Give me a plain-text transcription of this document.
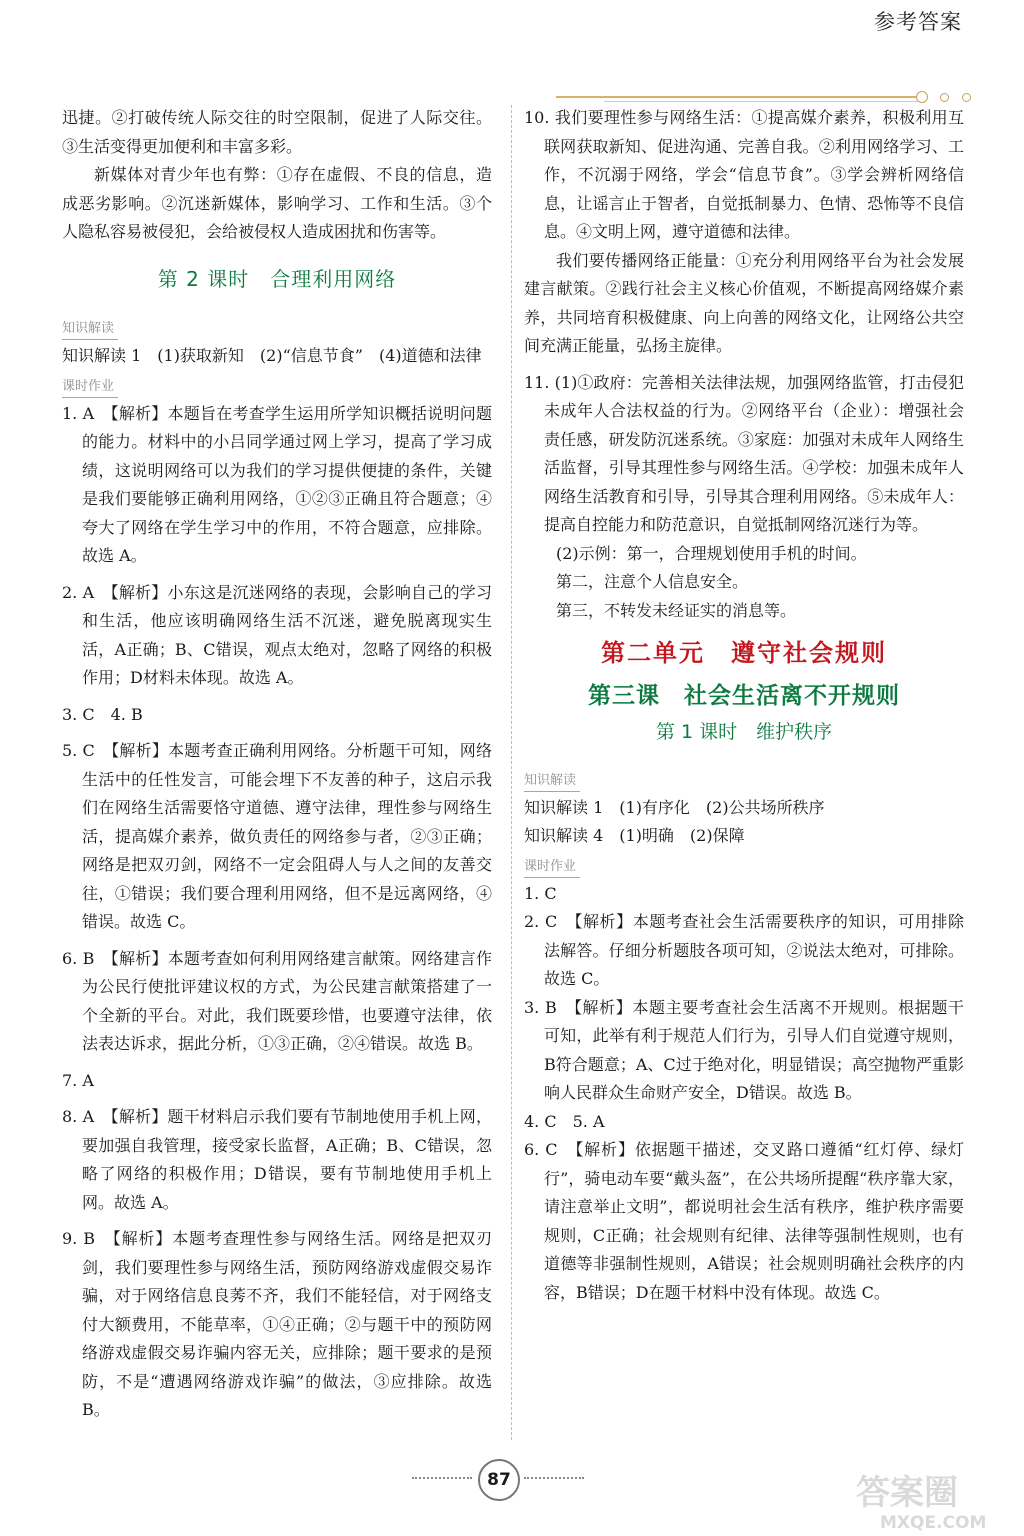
参考答案

迅捷。②打破传统人际交往的时空限制，促进了人际交往。③生活变得更加便利和丰富多彩。

新媒体对青少年也有弊：①存在虚假、不良的信息，造成恶劣影响。②沉迷新媒体，影响学习、工作和生活。③个人隐私容易被侵犯，会给被侵权人造成困扰和伤害等。

第 2 课时　合理利用网络
知识解读

知识解读 1　(1)获取新知　(2)“信息节食”　(4)道德和法律

课时作业

1. A　【解析】本题旨在考查学生运用所学知识概括说明问题的能力。材料中的小吕同学通过网上学习，提高了学习成绩，这说明网络可以为我们的学习提供便捷的条件，关键是我们要能够正确利用网络，①②③正确且符合题意；④夸大了网络在学生学习中的作用，不符合题意，应排除。故选 A。

2. A　【解析】小东这是沉迷网络的表现，会影响自己的学习和生活，他应该明确网络生活不沉迷，避免脱离现实生活，A正确；B、C错误，观点太绝对，忽略了网络的积极作用；D材料未体现。故选 A。

3. C　4. B

5. C　【解析】本题考查正确利用网络。分析题干可知，网络生活中的任性发言，可能会埋下不友善的种子，这启示我们在网络生活需要恪守道德、遵守法律，理性参与网络生活，提高媒介素养，做负责任的网络参与者，②③正确；网络是把双刃剑，网络不一定会阻碍人与人之间的友善交往，①错误；我们要合理利用网络，但不是远离网络，④错误。故选 C。

6. B　【解析】本题考查如何利用网络建言献策。网络建言作为公民行使批评建议权的方式，为公民建言献策搭建了一个全新的平台。对此，我们既要珍惜，也要遵守法律，依法表达诉求，据此分析，①③正确，②④错误。故选 B。

7. A

8. A　【解析】题干材料启示我们要有节制地使用手机上网，要加强自我管理，接受家长监督，A正确；B、C错误，忽略了网络的积极作用；D错误，要有节制地使用手机上网。故选 A。

9. B　【解析】本题考查理性参与网络生活。网络是把双刃剑，我们要理性参与网络生活，预防网络游戏虚假交易诈骗，对于网络信息良莠不齐，我们不能轻信，对于网络支付大额费用，不能草率，①④正确；②与题干中的预防网络游戏虚假交易诈骗内容无关，应排除；题干要求的是预防，不是“遭遇网络游戏诈骗”的做法，③应排除。故选 B。

10. 我们要理性参与网络生活：①提高媒介素养，积极利用互联网获取新知、促进沟通、完善自我。②利用网络学习、工作，不沉溺于网络，学会“信息节食”。③学会辨析网络信息，让谣言止于智者，自觉抵制暴力、色情、恐怖等不良信息。④文明上网，遵守道德和法律。

我们要传播网络正能量：①充分利用网络平台为社会发展建言献策。②践行社会主义核心价值观，不断提高网络媒介素养，共同培育积极健康、向上向善的网络文化，让网络公共空间充满正能量，弘扬主旋律。

11. (1)①政府：完善相关法律法规，加强网络监管，打击侵犯未成年人合法权益的行为。②网络平台（企业）：增强社会责任感，研发防沉迷系统。③家庭：加强对未成年人网络生活监督，引导其理性参与网络生活。④学校：加强未成年人网络生活教育和引导，引导其合理利用网络。⑤未成年人：提高自控能力和防范意识，自觉抵制网络沉迷行为等。

(2)示例：第一，合理规划使用手机的时间。

第二，注意个人信息安全。

第三，不转发未经证实的消息等。

第二单元　遵守社会规则
第三课　社会生活离不开规则
第 1 课时　维护秩序
知识解读

知识解读 1　(1)有序化　(2)公共场所秩序

知识解读 4　(1)明确　(2)保障

课时作业

1. C

2. C　【解析】本题考查社会生活需要秩序的知识，可用排除法解答。仔细分析题肢各项可知，②说法太绝对，可排除。故选 C。

3. B　【解析】本题主要考查社会生活离不开规则。根据题干可知，此举有利于规范人们行为，引导人们自觉遵守规则，B符合题意；A、C过于绝对化，明显错误；高空抛物严重影响人民群众生命财产安全，D错误。故选 B。

4. C　5. A

6. C　【解析】依据题干描述，交叉路口遵循“红灯停、绿灯行”，骑电动车要“戴头盔”，在公共场所提醒“秩序靠大家，请注意举止文明”，都说明社会生活有秩序，维护秩序需要规则，C正确；社会规则有纪律、法律等强制性规则，也有道德等非强制性规则，A错误；社会规则明确社会秩序的内容，B错误；D在题干材料中没有体现。故选 C。

87	答案圈
MXQE.COM
